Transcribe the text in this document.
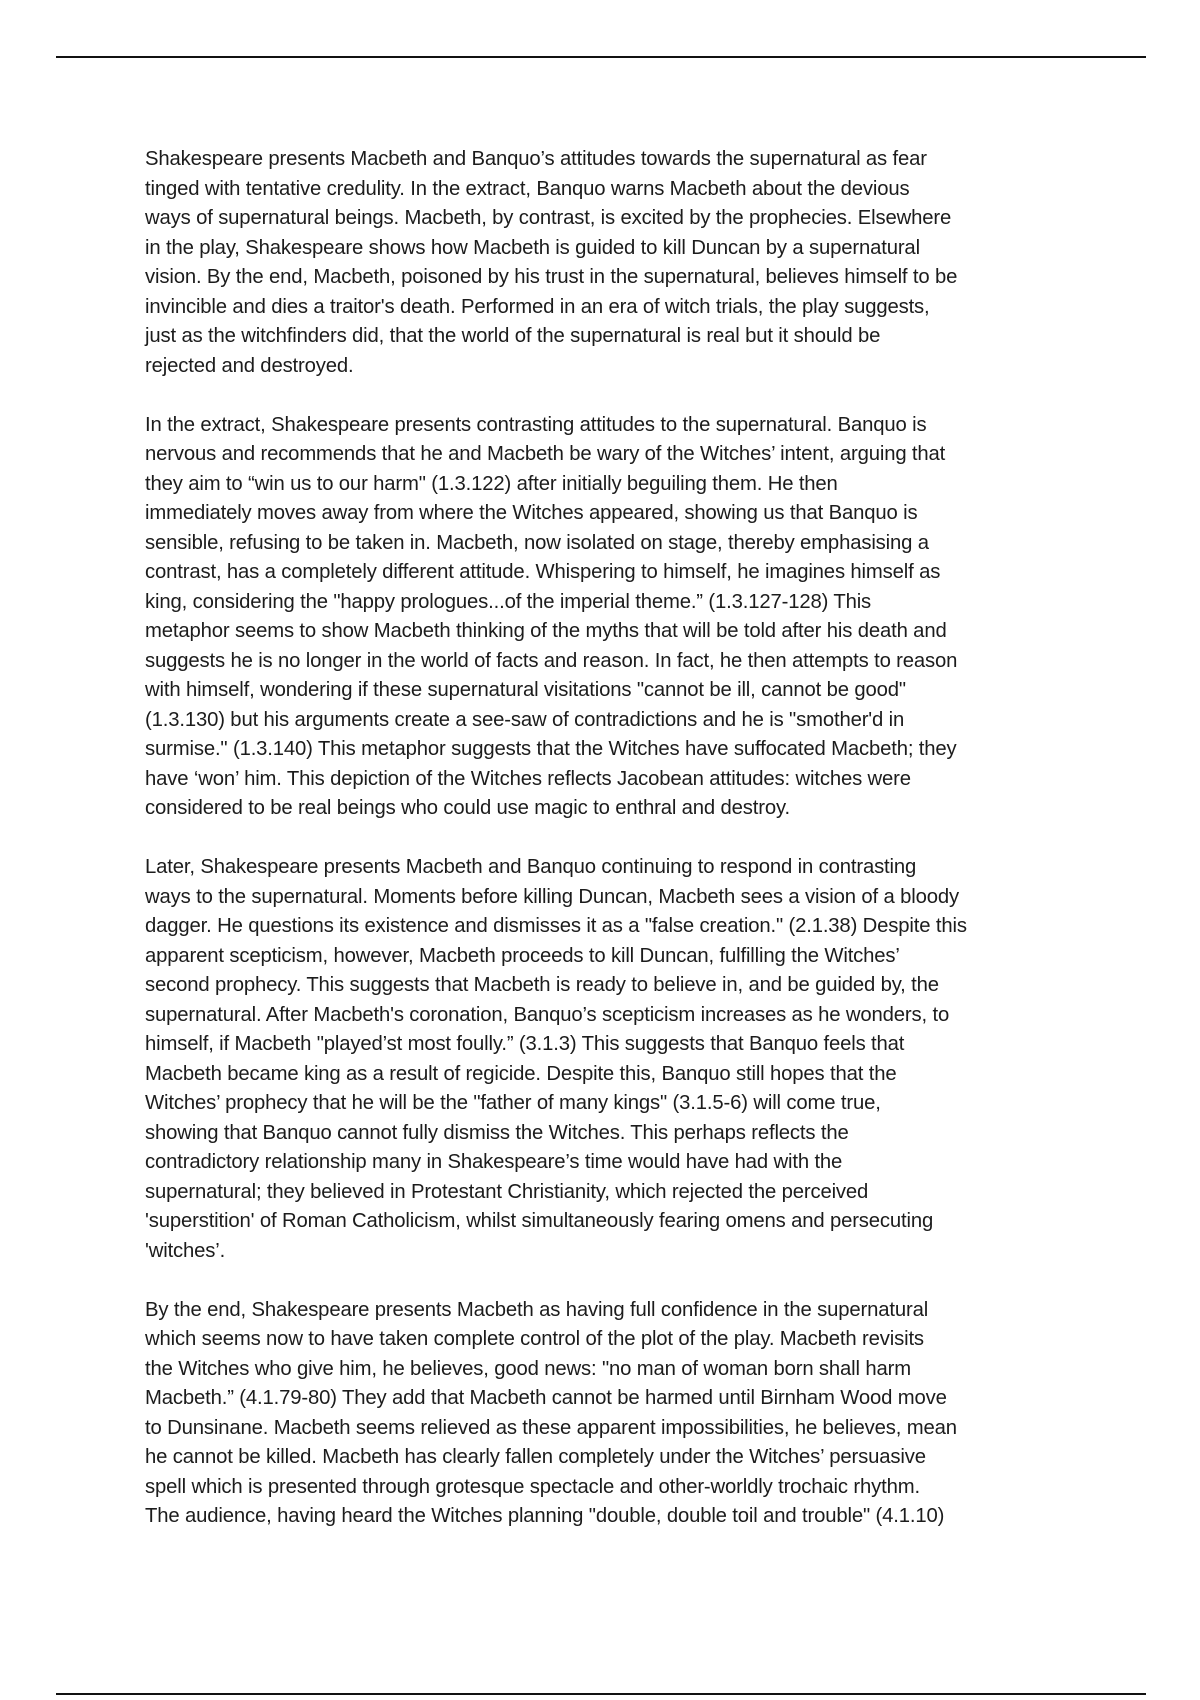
Shakespeare presents Macbeth and Banquo’s attitudes towards the supernatural as fear
tinged with tentative credulity. In the extract, Banquo warns Macbeth about the devious
ways of supernatural beings. Macbeth, by contrast, is excited by the prophecies. Elsewhere
in the play, Shakespeare shows how Macbeth is guided to kill Duncan by a supernatural
vision. By the end, Macbeth, poisoned by his trust in the supernatural, believes himself to be
invincible and dies a traitor's death. Performed in an era of witch trials, the play suggests,
just as the witchfinders did, that the world of the supernatural is real but it should be
rejected and destroyed.

In the extract, Shakespeare presents contrasting attitudes to the supernatural. Banquo is
nervous and recommends that he and Macbeth be wary of the Witches’ intent, arguing that
they aim to “win us to our harm" (1.3.122) after initially beguiling them. He then
immediately moves away from where the Witches appeared, showing us that Banquo is
sensible, refusing to be taken in. Macbeth, now isolated on stage, thereby emphasising a
contrast, has a completely different attitude. Whispering to himself, he imagines himself as
king, considering the "happy prologues...of the imperial theme.” (1.3.127-128) This
metaphor seems to show Macbeth thinking of the myths that will be told after his death and
suggests he is no longer in the world of facts and reason. In fact, he then attempts to reason
with himself, wondering if these supernatural visitations "cannot be ill, cannot be good"
(1.3.130) but his arguments create a see-saw of contradictions and he is "smother'd in
surmise." (1.3.140) This metaphor suggests that the Witches have suffocated Macbeth; they
have ‘won’ him. This depiction of the Witches reflects Jacobean attitudes: witches were
considered to be real beings who could use magic to enthral and destroy.

Later, Shakespeare presents Macbeth and Banquo continuing to respond in contrasting
ways to the supernatural. Moments before killing Duncan, Macbeth sees a vision of a bloody
dagger. He questions its existence and dismisses it as a "false creation." (2.1.38) Despite this
apparent scepticism, however, Macbeth proceeds to kill Duncan, fulfilling the Witches’
second prophecy. This suggests that Macbeth is ready to believe in, and be guided by, the
supernatural. After Macbeth's coronation, Banquo’s scepticism increases as he wonders, to
himself, if Macbeth "played’st most foully.” (3.1.3) This suggests that Banquo feels that
Macbeth became king as a result of regicide. Despite this, Banquo still hopes that the
Witches’ prophecy that he will be the "father of many kings" (3.1.5-6) will come true,
showing that Banquo cannot fully dismiss the Witches. This perhaps reflects the
contradictory relationship many in Shakespeare’s time would have had with the
supernatural; they believed in Protestant Christianity, which rejected the perceived
'superstition' of Roman Catholicism, whilst simultaneously fearing omens and persecuting
'witches’.

By the end, Shakespeare presents Macbeth as having full confidence in the supernatural
which seems now to have taken complete control of the plot of the play. Macbeth revisits
the Witches who give him, he believes, good news: "no man of woman born shall harm
Macbeth.” (4.1.79-80) They add that Macbeth cannot be harmed until Birnham Wood move
to Dunsinane. Macbeth seems relieved as these apparent impossibilities, he believes, mean
he cannot be killed. Macbeth has clearly fallen completely under the Witches’ persuasive
spell which is presented through grotesque spectacle and other-worldly trochaic rhythm.
The audience, having heard the Witches planning "double, double toil and trouble" (4.1.10)
